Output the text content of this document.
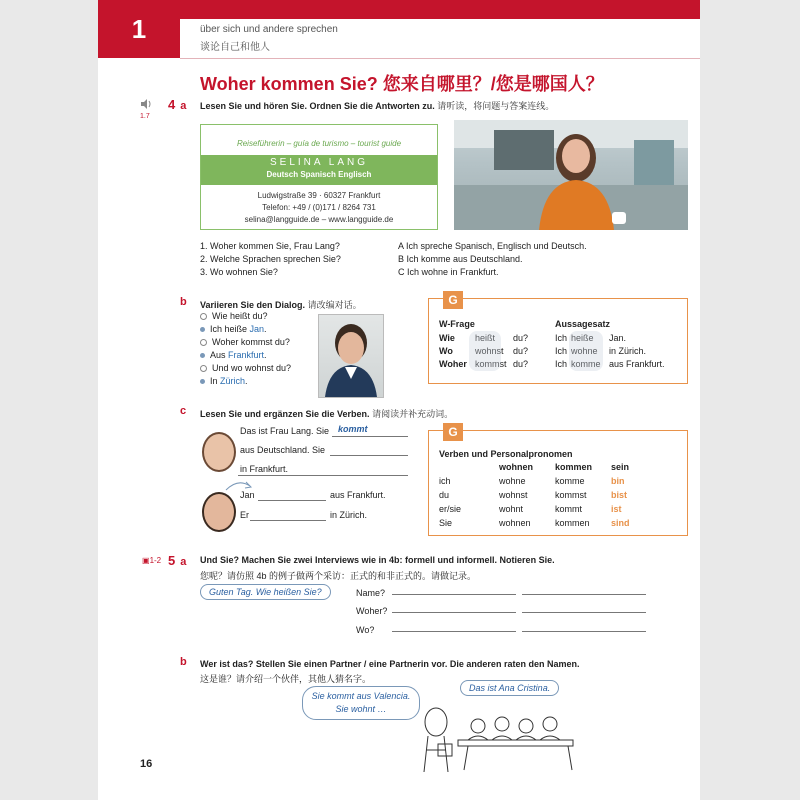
1	über sich und andere sprechen
谈论自己和他人
Woher kommen Sie? 您来自哪里？/您是哪国人？
1.7
4 a Lesen Sie und hören Sie. Ordnen Sie die Antworten zu. 请听读，将问题与答案连线。
Reiseführerin – guía de turismo – tourist guide
SELINA LANG
Deutsch Spanisch Englisch
Ludwigstraße 39 · 60327 Frankfurt
Telefon: +49 / (0)171 / 8264 731
selina@langguide.de – www.langguide.de
1. Woher kommen Sie, Frau Lang?
2. Welche Sprachen sprechen Sie?
3. Wo wohnen Sie?
A Ich spreche Spanisch, Englisch und Deutsch.
B Ich komme aus Deutschland.
C Ich wohne in Frankfurt.
b Variieren Sie den Dialog. 请改编对话。
Wie heißt du?
Ich heiße Jan.
Woher kommst du?
Aus Frankfurt.
Und wo wohnst du?
In Zürich.
G
W-Frage	Aussagesatz
Wie heißt du?	Ich heiße Jan.
Wo wohnst du?	Ich wohne in Zürich.
Woher kommst du?	Ich komme aus Frankfurt.
c Lesen Sie und ergänzen Sie die Verben. 请阅读并补充动词。
Das ist Frau Lang. Sie kommt
aus Deutschland. Sie
in Frankfurt.
Jan	aus Frankfurt.
Er	in Zürich.
G
Verben und Personalpronomen
wohnen kommen sein
ich	wohne	komme	bin
du	wohnst	kommst	bist
er/sie	wohnt	kommt	ist
Sie	wohnen	kommen sind
▣1-2 5 a Und Sie? Machen Sie zwei Interviews wie in 4b: formell und informell. Notieren Sie.
您呢？请仿照 4b 的例子做两个采访：正式的和非正式的。请做记录。
Guten Tag. Wie heißen Sie?	Name?
Woher?
Wo?
b Wer ist das? Stellen Sie einen Partner / eine Partnerin vor. Die anderen raten den Namen.
这是谁？请介绍一个伙伴，其他人猜名字。
Sie kommt aus Valencia. Sie wohnt …
Das ist Ana Cristina.
16
